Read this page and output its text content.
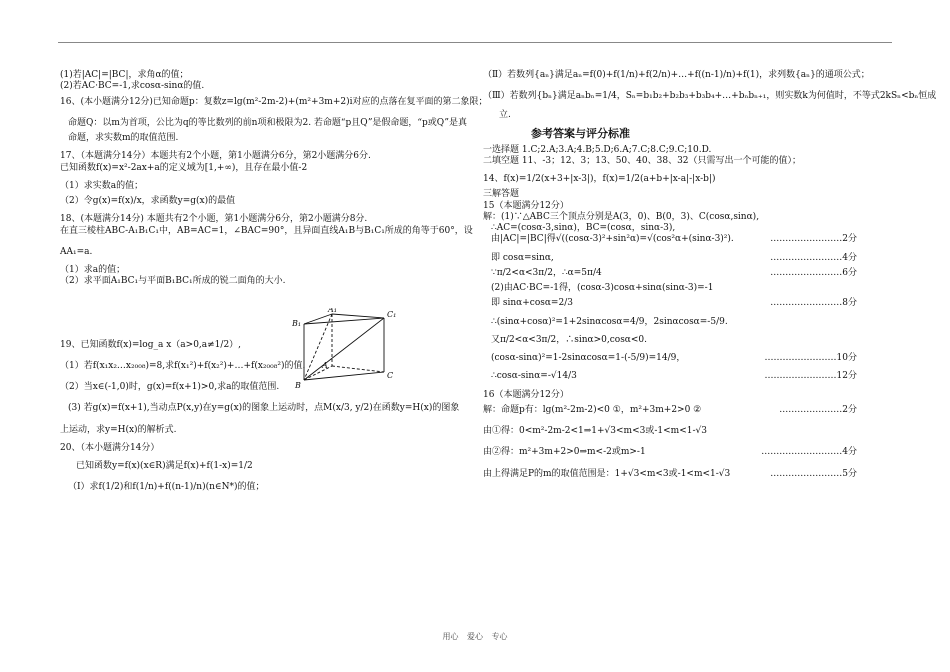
(1)若|AC|=|BC|，求角α的值；

(2)若AC·BC=-1,求cosα-sinα的值.

16、(本小题满分12分)已知命题p：复数z=lg(m²-2m-2)+(m²+3m+2)i对应的点落在复平面的第二象限；

命题Q：以m为首项，公比为q的等比数列的前n项和极限为2. 若命题“p且Q”是假命题，“p或Q”是真

命题，求实数m的取值范围.

17、（本题满分14分）本题共有2个小题，第1小题满分6分，第2小题满分6分.

已知函数f(x)=x²-2ax+a的定义域为[1,+∞)，且存在最小值-2

（1）求实数a的值；

（2）令g(x)=f(x)/x，求函数y=g(x)的最值

18、(本题满分14分) 本题共有2个小题，第1小题满分6分，第2小题满分8分.

在直三棱柱ABC-A₁B₁C₁中，AB=AC=1，∠BAC=90°，且异面直线A₁B与B₁C₁所成的角等于60°，设

AA₁=a.

（1）求a的值；

（2）求平面A₁BC₁与平面B₁BC₁所成的锐二面角的大小.

19、已知函数f(x)=log_a x（a>0,a≠1/2）,

（1）若f(x₁x₂…x₂₀₀₈)=8,求f(x₁²)+f(x₂²)+…+f(x₂₀₀₈²)的值.

（2）当x∈(-1,0)时，g(x)=f(x+1)>0,求a的取值范围.

(3) 若g(x)=f(x+1),当动点P(x,y)在y=g(x)的图象上运动时，点M(x/3, y/2)在函数y=H(x)的图象

上运动，求y=H(x)的解析式.

20、（本小题满分14分）

已知函数y=f(x)(x∈R)满足f(x)+f(1-x)=1/2

（Ⅰ）求f(1/2)和f(1/n)+f((n-1)/n)(n∈N*)的值；

A₁
B₁
C₁
A
B
C

（Ⅱ）若数列{aₙ}满足aₙ=f(0)+f(1/n)+f(2/n)+…+f((n-1)/n)+f(1)，求列数{aₙ}的通项公式；

（Ⅲ）若数列{bₙ}满足aₙbₙ=1/4，Sₙ=b₁b₂+b₂b₃+b₃b₄+…+bₙbₙ₊₁，则实数k为何值时，不等式2kSₙ<bₙ恒成

立.

参考答案与评分标准

一选择题 1.C;2.A;3.A;4.B;5.D;6.A;7.C;8.C;9.C;10.D.

二填空题 11、-3；12、3；13、50、40、38、32（只需写出一个可能的值）；

14、f(x)=1/2(x+3+|x-3|)，f(x)=1/2(a+b+|x-a|-|x-b|)

三解答题

15（本题满分12分）

解：(1)∵△ABC三个顶点分别是A(3，0)、B(0，3)、C(cosα,sinα),

∴AC=(cosα-3,sinα)，BC=(cosα，sinα-3),

由|AC|=|BC|得√((cosα-3)²+sin²α)=√(cos²α+(sinα-3)²).	……………………2分
即 cosα=sinα,	……………………4分
∵π/2<α<3π/2，∴α=5π/4	……………………6分

(2)由AC·BC=-1得，(cosα-3)cosα+sinα(sinα-3)=-1

即 sinα+cosα=2/3	……………………8分

∴(sinα+cosα)²=1+2sinαcosα=4/9，2sinαcosα=-5/9.

又π/2<α<3π/2，∴sinα>0,cosα<0.

(cosα-sinα)²=1-2sinαcosα=1-(-5/9)=14/9，	……………………10分
∴cosα-sinα=-√14/3	……………………12分

16（本题满分12分）

解：命题p有：lg(m²-2m-2)<0 ①，m²+3m+2>0 ②	…………………2分

由①得：0<m²-2m-2<1⇒1+√3<m<3或-1<m<1-√3

由②得：m²+3m+2>0⇒m<-2或m>-1	………………………4分
由上得满足P的m的取值范围是：1+√3<m<3或-1<m<1-√3	……………………5分
用心 爱心 专心
